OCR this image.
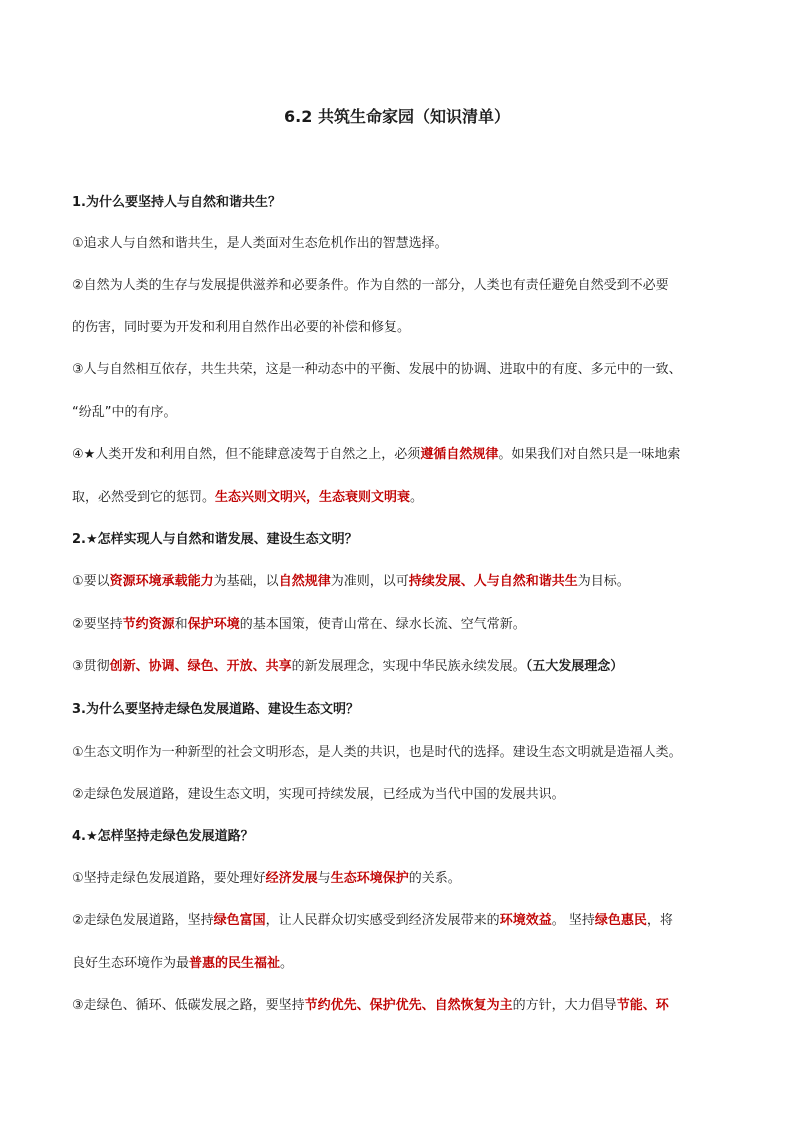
6.2 共筑生命家园（知识清单）
1.为什么要坚持人与自然和谐共生？
①追求人与自然和谐共生，是人类面对生态危机作出的智慧选择。
②自然为人类的生存与发展提供滋养和必要条件。作为自然的一部分，人类也有责任避免自然受到不必要
的伤害，同时要为开发和利用自然作出必要的补偿和修复。
③人与自然相互依存，共生共荣，这是一种动态中的平衡、发展中的协调、进取中的有度、多元中的一致、
“纷乱”中的有序。
④★人类开发和利用自然，但不能肆意凌驾于自然之上，必须遵循自然规律。如果我们对自然只是一味地索
取，必然受到它的惩罚。生态兴则文明兴，生态衰则文明衰。
2.★怎样实现人与自然和谐发展、建设生态文明？
①要以资源环境承载能力为基础，以自然规律为准则，以可持续发展、人与自然和谐共生为目标。
②要坚持节约资源和保护环境的基本国策，使青山常在、绿水长流、空气常新。
③贯彻创新、协调、绿色、开放、共享的新发展理念，实现中华民族永续发展。（五大发展理念）
3.为什么要坚持走绿色发展道路、建设生态文明？
①生态文明作为一种新型的社会文明形态，是人类的共识，也是时代的选择。建设生态文明就是造福人类。
②走绿色发展道路，建设生态文明，实现可持续发展，已经成为当代中国的发展共识。
4.★怎样坚持走绿色发展道路？
①坚持走绿色发展道路，要处理好经济发展与生态环境保护的关系。
②走绿色发展道路，坚持绿色富国，让人民群众切实感受到经济发展带来的环境效益。 坚持绿色惠民，将
良好生态环境作为最普惠的民生福祉。
③走绿色、循环、低碳发展之路，要坚持节约优先、保护优先、自然恢复为主的方针，大力倡导节能、环
